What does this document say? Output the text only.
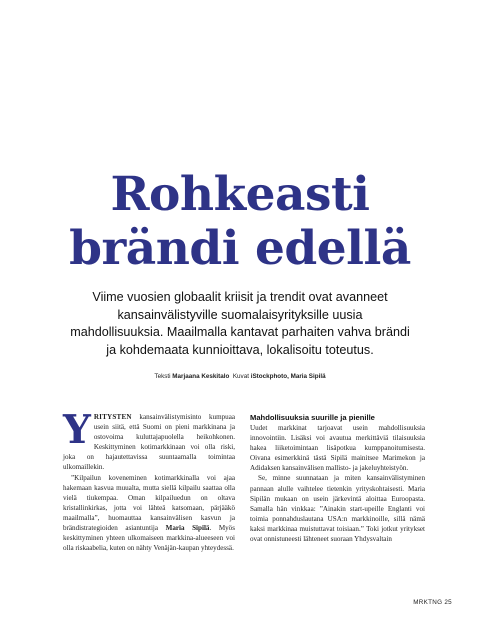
Rohkeasti
brändi edellä

Viime vuosien globaalit kriisit ja trendit ovat avanneet kansainvälistyville suomalaisyrityksille uusia mahdollisuuksia. Maailmalla kantavat parhaiten vahva brändi ja kohdemaata kunnioittava, lokalisoitu toteutus.

Teksti Marjaana Keskitalo Kuvat iStockphoto, Maria Sipilä

YRITYSTEN kansainvälistymisinto kumpuaa usein siitä, että Suomi on pieni markkinana ja ostovoima kuluttajapuolella heikohkonen. Keskittyminen kotimarkkinaan voi olla riski, joka on hajautettavissa suuntaamalla toimintaa ulkomaillekin.

”Kilpailun koveneminen kotimarkkinalla voi ajaa hakemaan kasvua muualta, mutta siellä kilpailu saattaa olla vielä tiukempaa. Oman kilpailuedun on oltava kristallinkirkas, jotta voi lähteä katsomaan, pärjääkö maailmalla”, huomauttaa kansainvälisen kasvun ja brändistrategioiden asiantuntija Maria Sipilä. Myös keskittyminen yhteen ulkomaiseen markkina-alueeseen voi olla riskaabelia, kuten on nähty Venäjän-kaupan yhteydessä.

Mahdollisuuksia suurille ja pienille

Uudet markkinat tarjoavat usein mahdollisuuksia innovointiin. Lisäksi voi avautua merkittäviä tilaisuuksia hakea liiketoimintaan lisäpotkua kumppanoitumisesta. Oivana esimerkkinä tästä Sipilä mainitsee Marimekon ja Adidaksen kansainvälisen mallisto- ja jakeluyhteistyön.

Se, minne suunnataan ja miten kansainvälistyminen pannaan alulle vaihtelee tietenkin yrityskohtaisesti. Maria Sipilän mukaan on usein järkevintä aloittaa Euroopasta. Samalla hän vinkkaa: ”Ainakin start-upeille Englanti voi toimia ponnahduslautana USA:n markkinoille, sillä nämä kaksi markkinaa muistuttavat toisiaan.” Toki jotkut yritykset ovat onnistuneesti lähteneet suoraan Yhdysvaltain

MRKTNG 25
